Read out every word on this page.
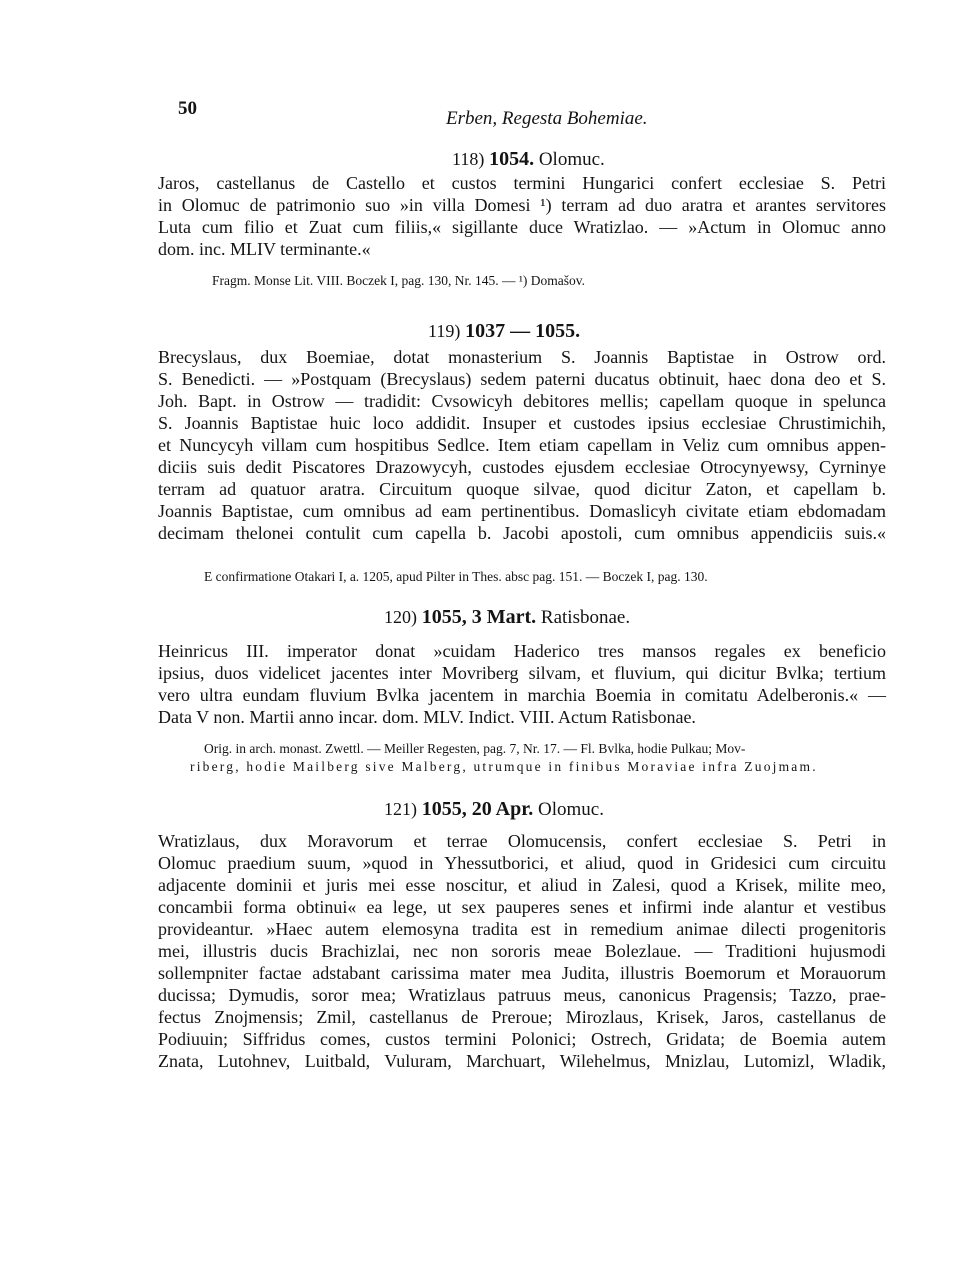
50	Erben, Regesta Bohemiae.
118) 1054. Olomuc.
Jaros, castellanus de Castello et custos termini Hungarici confert ecclesiae S. Petri
in Olomuc de patrimonio suo »in villa Domesi ¹) terram ad duo aratra et arantes servitores
Luta cum filio et Zuat cum filiis,« sigillante duce Wratizlao. — »Actum in Olomuc anno
dom. inc. MLIV terminante.«
Fragm. Monse Lit. VIII. Boczek I, pag. 130, Nr. 145. — ¹) Domašov.
119) 1037 — 1055.
Brecyslaus, dux Boemiae, dotat monasterium S. Joannis Baptistae in Ostrow ord.
S. Benedicti. — »Postquam (Brecyslaus) sedem paterni ducatus obtinuit, haec dona deo et S.
Joh. Bapt. in Ostrow — tradidit: Cvsowicyh debitores mellis; capellam quoque in spelunca
S. Joannis Baptistae huic loco addidit. Insuper et custodes ipsius ecclesiae Chrustimichih,
et Nuncycyh villam cum hospitibus Sedlce. Item etiam capellam in Veliz cum omnibus appen-
diciis suis dedit Piscatores Drazowycyh, custodes ejusdem ecclesiae Otrocynyewsy, Cyrninye
terram ad quatuor aratra. Circuitum quoque silvae, quod dicitur Zaton, et capellam b.
Joannis Baptistae, cum omnibus ad eam pertinentibus. Domaslicyh civitate etiam ebdomadam
decimam thelonei contulit cum capella b. Jacobi apostoli, cum omnibus appendiciis suis.«
E confirmatione Otakari I, a. 1205, apud Pilter in Thes. absc pag. 151. — Boczek I, pag. 130.
120) 1055, 3 Mart. Ratisbonae.
Heinricus III. imperator donat »cuidam Haderico tres mansos regales ex beneficio
ipsius, duos videlicet jacentes inter Movriberg silvam, et fluvium, qui dicitur Bvlka; tertium
vero ultra eundam fluvium Bvlka jacentem in marchia Boemia in comitatu Adelberonis.« —
Data V non. Martii anno incar. dom. MLV. Indict. VIII. Actum Ratisbonae.
Orig. in arch. monast. Zwettl. — Meiller Regesten, pag. 7, Nr. 17. — Fl. Bvlka, hodie Pulkau; Mov-
riberg, hodie Mailberg sive Malberg, utrumque in finibus Moraviae infra Zuojmam.
121) 1055, 20 Apr. Olomuc.
Wratizlaus, dux Moravorum et terrae Olomucensis, confert ecclesiae S. Petri in
Olomuc praedium suum, »quod in Yhessutborici, et aliud, quod in Gridesici cum circuitu
adjacente dominii et juris mei esse noscitur, et aliud in Zalesi, quod a Krisek, milite meo,
concambii forma obtinui« ea lege, ut sex pauperes senes et infirmi inde alantur et vestibus
provideantur. »Haec autem elemosyna tradita est in remedium animae dilecti progenitoris
mei, illustris ducis Brachizlai, nec non sororis meae Bolezlaue. — Traditioni hujusmodi
sollempniter factae adstabant carissima mater mea Judita, illustris Boemorum et Morauorum
ducissa; Dymudis, soror mea; Wratizlaus patruus meus, canonicus Pragensis; Tazzo, prae-
fectus Znojmensis; Zmil, castellanus de Preroue; Mirozlaus, Krisek, Jaros, castellanus de
Podiuuin; Siffridus comes, custos termini Polonici; Ostrech, Gridata; de Boemia autem
Znata, Lutohnev, Luitbald, Vuluram, Marchuart, Wilehelmus, Mnizlau, Lutomizl, Wladik,
